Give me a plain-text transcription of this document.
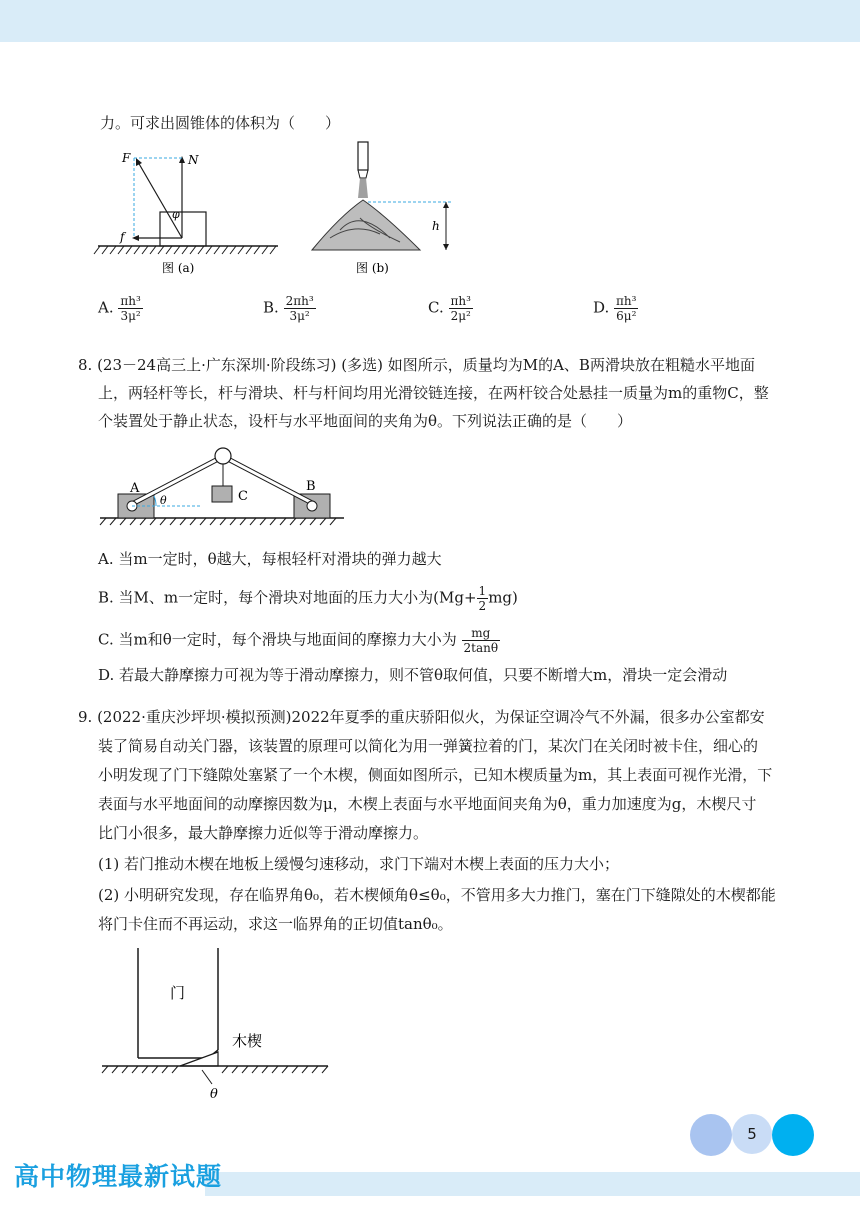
力。可求出圆锥体的体积为（　　）
F	N
f
φ
图 (a)
h
图 (b)
A. $\frac{\text{πh³}}{\text{3μ²}}$	B. $\frac{\text{2πh³}}{\text{3μ²}}$	C. $\frac{\text{πh³}}{\text{2μ²}}$	D. $\frac{\text{πh³}}{\text{6μ²}}$
8. (23－24高三上·广东深圳·阶段练习) (多选) 如图所示，质量均为M的A、B两滑块放在粗糙水平地面
上，两轻杆等长，杆与滑块、杆与杆间均用光滑铰链连接，在两杆铰合处悬挂一质量为m的重物C，整
个装置处于静止状态，设杆与水平地面间的夹角为θ。下列说法正确的是（　　）
A	B
C
θ
A. 当m一定时，θ越大，每根轻杆对滑块的弹力越大
B. 当M、m一定时，每个滑块对地面的压力大小为$(Mg+ \frac{1}{2} mg)$
C. 当m和θ一定时，每个滑块与地面间的摩擦力大小为 $\frac{mg}{2\tan\theta}$
D. 若最大静摩擦力可视为等于滑动摩擦力，则不管θ取何值，只要不断增大m，滑块一定会滑动
9. (2022·重庆沙坪坝·模拟预测)2022年夏季的重庆骄阳似火，为保证空调冷气不外漏，很多办公室都安
装了简易自动关门器，该装置的原理可以简化为用一弹簧拉着的门，某次门在关闭时被卡住，细心的
小明发现了门下缝隙处塞紧了一个木楔，侧面如图所示，已知木楔质量为m，其上表面可视作光滑，下
表面与水平地面间的动摩擦因数为μ，木楔上表面与水平地面间夹角为θ，重力加速度为g，木楔尺寸
比门小很多，最大静摩擦力近似等于滑动摩擦力。
(1) 若门推动木楔在地板上缓慢匀速移动，求门下端对木楔上表面的压力大小；
(2) 小明研究发现，存在临界角θ₀，若木楔倾角θ≤θ₀，不管用多大力推门，塞在门下缝隙处的木楔都能
将门卡住而不再运动，求这一临界角的正切值tanθ₀。
门
木楔
θ
5
高中物理最新试题
